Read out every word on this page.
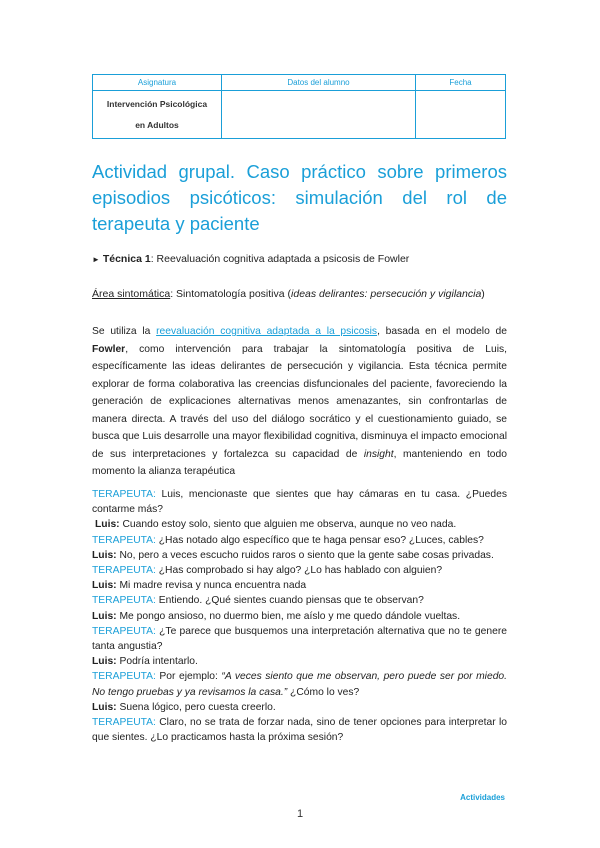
Asignatura	Datos del alumno	Fecha

Intervención Psicológica
en Adultos		

Actividad grupal. Caso práctico sobre primeros episodios psicóticos: simulación del rol de terapeuta y paciente
► Técnica 1: Reevaluación cognitiva adaptada a psicosis de Fowler
Área sintomática: Sintomatología positiva (ideas delirantes: persecución y vigilancia)

Se utiliza la reevaluación cognitiva adaptada a la psicosis, basada en el modelo de Fowler, como intervención para trabajar la sintomatología positiva de Luis, específicamente las ideas delirantes de persecución y vigilancia. Esta técnica permite explorar de forma colaborativa las creencias disfuncionales del paciente, favoreciendo la generación de explicaciones alternativas menos amenazantes, sin confrontarlas de manera directa. A través del uso del diálogo socrático y el cuestionamiento guiado, se busca que Luis desarrolle una mayor flexibilidad cognitiva, disminuya el impacto emocional de sus interpretaciones y fortalezca su capacidad de insight, manteniendo en todo momento la alianza terapéutica

TERAPEUTA: Luis, mencionaste que sientes que hay cámaras en tu casa. ¿Puedes contarme más?

Luis: Cuando estoy solo, siento que alguien me observa, aunque no veo nada.

TERAPEUTA: ¿Has notado algo específico que te haga pensar eso? ¿Luces, cables?

Luis: No, pero a veces escucho ruidos raros o siento que la gente sabe cosas privadas.

TERAPEUTA: ¿Has comprobado si hay algo? ¿Lo has hablado con alguien?

Luis: Mi madre revisa y nunca encuentra nada

TERAPEUTA: Entiendo. ¿Qué sientes cuando piensas que te observan?

Luis: Me pongo ansioso, no duermo bien, me aíslo y me quedo dándole vueltas.

TERAPEUTA: ¿Te parece que busquemos una interpretación alternativa que no te genere tanta angustia?

Luis: Podría intentarlo.

TERAPEUTA: Por ejemplo: “A veces siento que me observan, pero puede ser por miedo. No tengo pruebas y ya revisamos la casa.” ¿Cómo lo ves?

Luis: Suena lógico, pero cuesta creerlo.

TERAPEUTA: Claro, no se trata de forzar nada, sino de tener opciones para interpretar lo que sientes. ¿Lo practicamos hasta la próxima sesión?

Actividades
1
